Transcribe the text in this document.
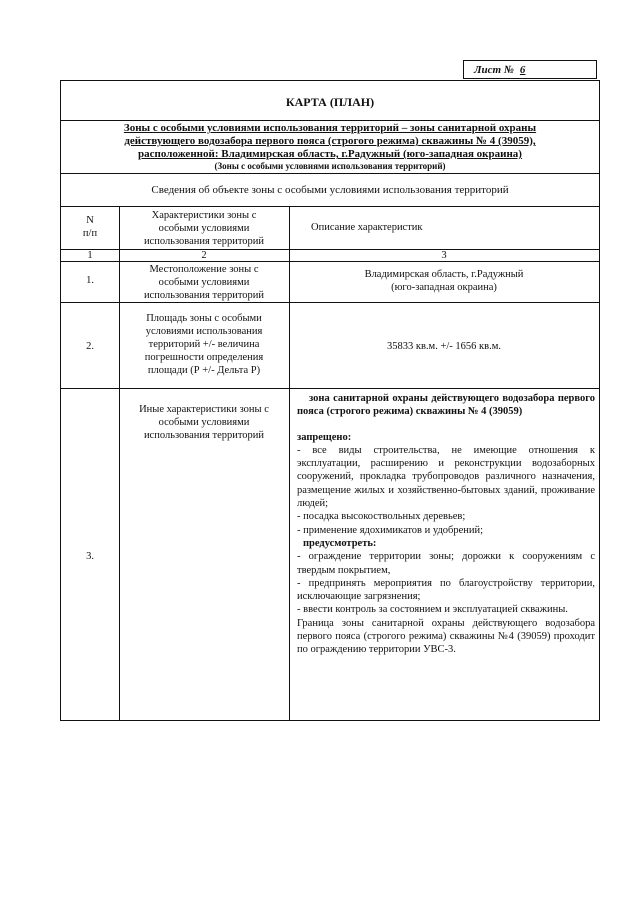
Лист № 6
КАРТА (ПЛАН)
Зоны с особыми условиями использования территорий – зоны санитарной охраны
действующего водозабора первого пояса (строгого режима) скважины № 4 (39059),
расположенной: Владимирская область, г.Радужный (юго-западная окраина)
(Зоны с особыми условиями использования территорий)
Сведения об объекте зоны с особыми условиями использования территорий
N
п/п
Характеристики зоны с
особыми условиями
использования территорий
Описание характеристик
1	2	3
1.
Местоположение зоны с
особыми условиями
использования территорий
Владимирская область, г.Радужный
(юго-западная окраина)
2.
Площадь зоны с особыми
условиями использования
территорий +/- величина
погрешности определения
площади (Р +/- Дельта Р)
35833 кв.м. +/- 1656 кв.м.
3.
Иные характеристики зоны с
особыми условиями
использования территорий

зона санитарной охраны действующего водозабора первого пояса (строгого режима) скважины № 4 (39059)

запрещено:

- все виды строительства, не имеющие отношения к эксплуатации, расширению и реконструкции водозаборных сооружений, прокладка трубопроводов различного назначения, размещение жилых и хозяйственно-бытовых зданий, проживание людей;

- посадка высокоствольных деревьев;

- применение ядохимикатов и удобрений;

предусмотреть:

- ограждение территории зоны; дорожки к сооружениям с твердым покрытием,

- предпринять мероприятия по благоустройству территории, исключающие загрязнения;

- ввести контроль за состоянием и эксплуатацией скважины.

Граница зоны санитарной охраны действующего водозабора первого пояса (строгого режима) скважины №4 (39059) проходит по ограждению территории УВС-3.
